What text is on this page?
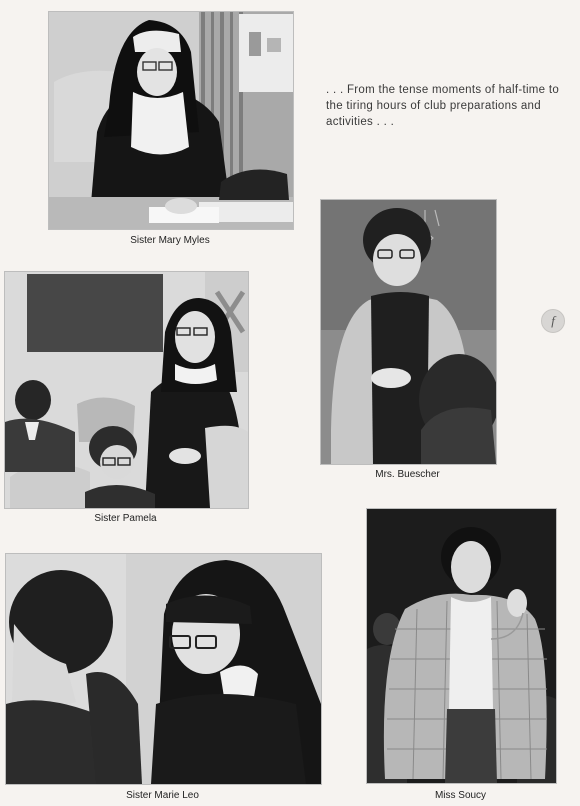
Sister Mary Myles
. . . From the tense moments of half-time to the tiring hours of club preparations and activities . . .
Mrs. Buescher
f
Sister Pamela
Sister Marie Leo	Miss Soucy
